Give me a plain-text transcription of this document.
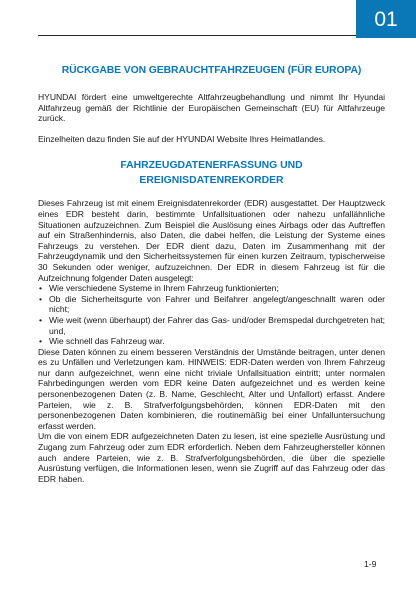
01
RÜCKGABE VON GEBRAUCHTFAHRZEUGEN (FÜR EUROPA)

HYUNDAI fördert eine umweltgerechte Altfahrzeugbehandlung und nimmt Ihr Hyundai Altfahrzeug gemäß der Richtlinie der Europäischen Gemeinschaft (EU) für Altfahrzeuge zurück.

Einzelheiten dazu finden Sie auf der HYUNDAI Website Ihres Heimatlandes.

FAHRZEUGDATENERFASSUNG UND
EREIGNISDATENREKORDER

Dieses Fahrzeug ist mit einem Ereignisdatenrekorder (EDR) ausgestattet. Der Hauptzweck eines EDR besteht darin, bestimmte Unfallsituationen oder nahezu unfallähnliche Situationen aufzuzeichnen. Zum Beispiel die Auslösung eines Airbags oder das Auftreffen auf ein Straßenhindernis, also Daten, die dabei helfen, die Leistung der Systeme eines Fahrzeugs zu verstehen. Der EDR dient dazu, Daten im Zusammenhang mit der Fahrzeugdynamik und den Sicherheitssystemen für einen kurzen Zeitraum, typischerweise 30 Sekunden oder weniger, aufzuzeichnen. Der EDR in diesem Fahrzeug ist für die Aufzeichnung folgender Daten ausgelegt:

• Wie verschiedene Systeme in Ihrem Fahrzeug funktionierten;
• Ob die Sicherheitsgurte von Fahrer und Beifahrer angelegt/angeschnallt waren oder nicht;
• Wie weit (wenn überhaupt) der Fahrer das Gas- und/oder Bremspedal durchgetreten hat; und,
• Wie schnell das Fahrzeug war.

Diese Daten können zu einem besseren Verständnis der Umstände beitragen, unter denen es zu Unfällen und Verletzungen kam. HINWEIS: EDR-Daten werden von Ihrem Fahrzeug nur dann aufgezeichnet, wenn eine nicht triviale Unfallsituation eintritt; unter normalen Fahrbedingungen werden vom EDR keine Daten aufgezeichnet und es werden keine personenbezogenen Daten (z. B. Name, Geschlecht, Alter und Unfallort) erfasst. Andere Parteien, wie z. B. Strafverfolgungsbehörden, können EDR-Daten mit den personenbezogenen Daten kombinieren, die routinemäßig bei einer Unfalluntersuchung erfasst werden.

Um die von einem EDR aufgezeichneten Daten zu lesen, ist eine spezielle Ausrüstung und Zugang zum Fahrzeug oder zum EDR erforderlich. Neben dem Fahrzeughersteller können auch andere Parteien, wie z. B. Strafverfolgungsbehörden, die über die spezielle Ausrüstung verfügen, die Informationen lesen, wenn sie Zugriff auf das Fahrzeug oder das EDR haben.

1-9
